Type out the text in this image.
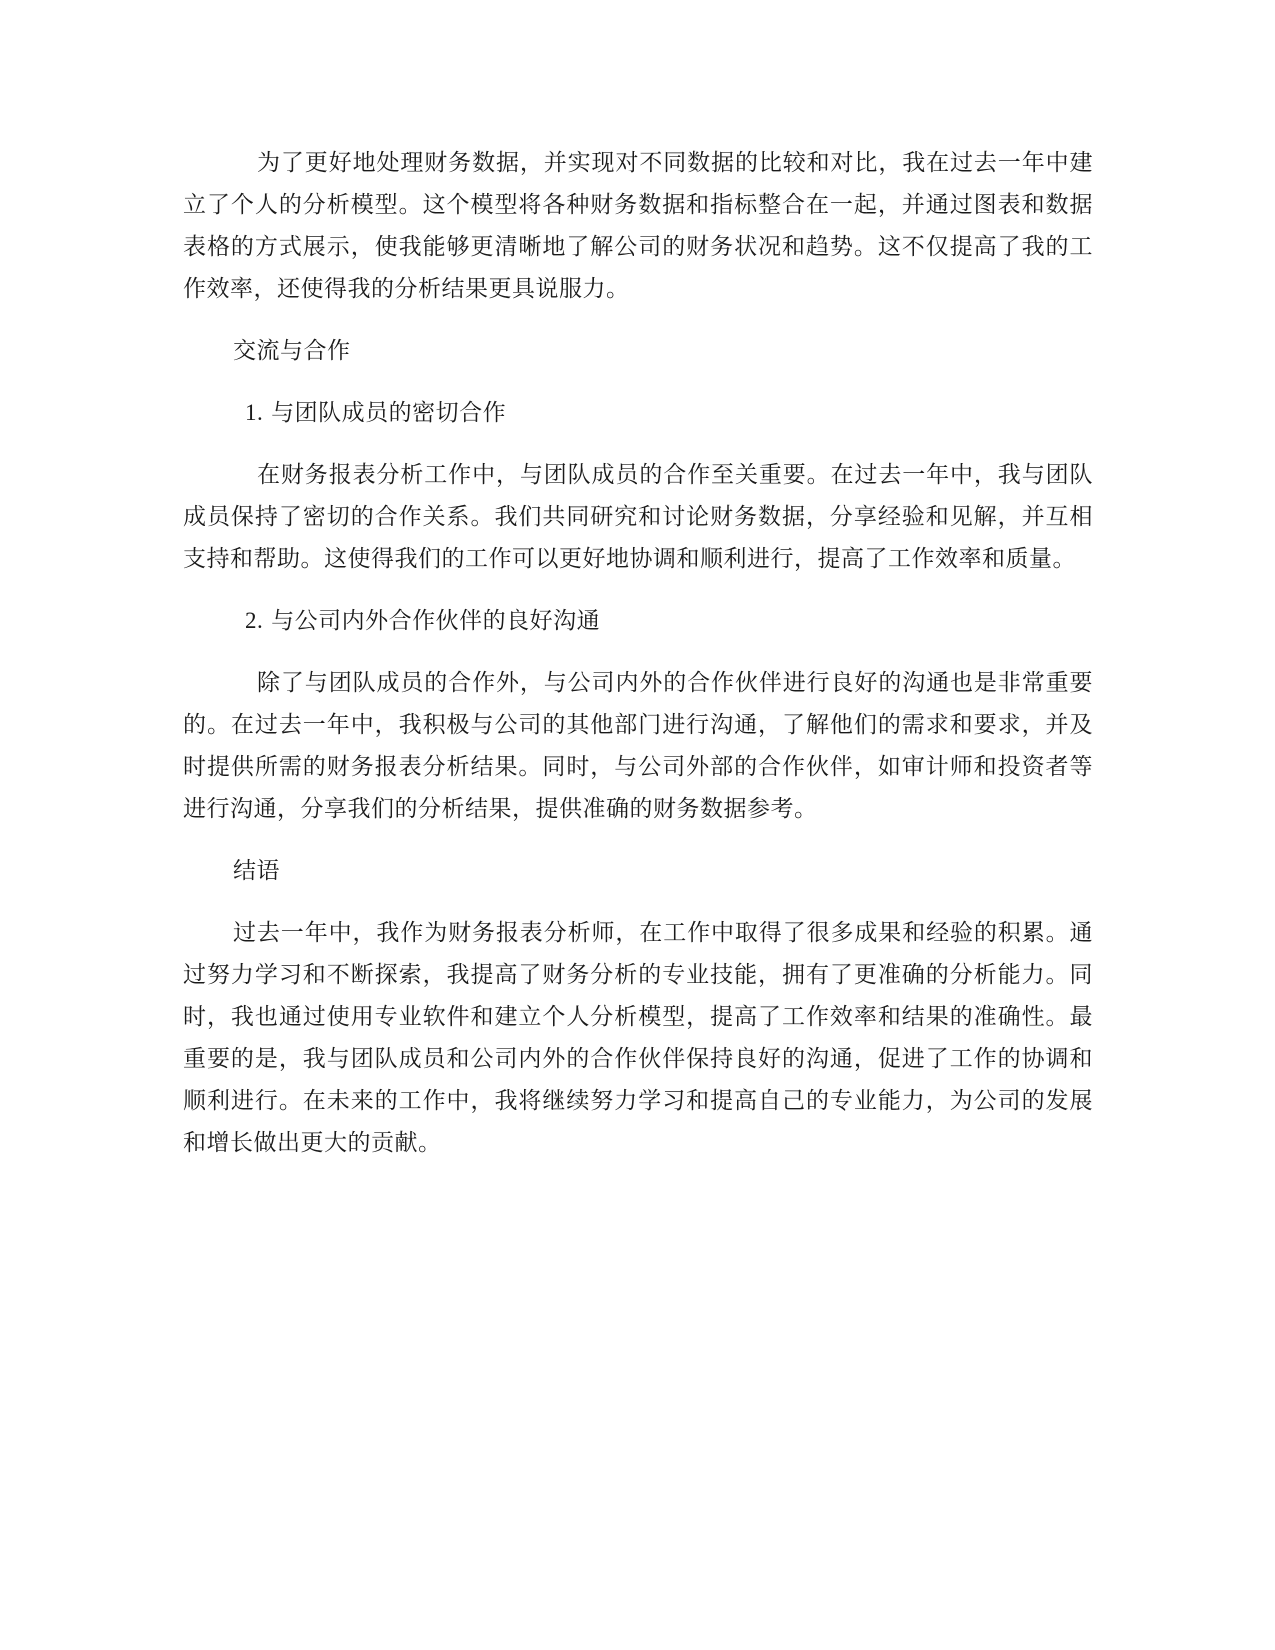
为了更好地处理财务数据，并实现对不同数据的比较和对比，我在过去一年中建立了个人的分析模型。这个模型将各种财务数据和指标整合在一起，并通过图表和数据表格的方式展示，使我能够更清晰地了解公司的财务状况和趋势。这不仅提高了我的工作效率，还使得我的分析结果更具说服力。

交流与合作

1. 与团队成员的密切合作

在财务报表分析工作中，与团队成员的合作至关重要。在过去一年中，我与团队成员保持了密切的合作关系。我们共同研究和讨论财务数据，分享经验和见解，并互相支持和帮助。这使得我们的工作可以更好地协调和顺利进行，提高了工作效率和质量。

2. 与公司内外合作伙伴的良好沟通

除了与团队成员的合作外，与公司内外的合作伙伴进行良好的沟通也是非常重要的。在过去一年中，我积极与公司的其他部门进行沟通，了解他们的需求和要求，并及时提供所需的财务报表分析结果。同时，与公司外部的合作伙伴，如审计师和投资者等进行沟通，分享我们的分析结果，提供准确的财务数据参考。

结语

过去一年中，我作为财务报表分析师，在工作中取得了很多成果和经验的积累。通过努力学习和不断探索，我提高了财务分析的专业技能，拥有了更准确的分析能力。同时，我也通过使用专业软件和建立个人分析模型，提高了工作效率和结果的准确性。最重要的是，我与团队成员和公司内外的合作伙伴保持良好的沟通，促进了工作的协调和顺利进行。在未来的工作中，我将继续努力学习和提高自己的专业能力，为公司的发展和增长做出更大的贡献。
